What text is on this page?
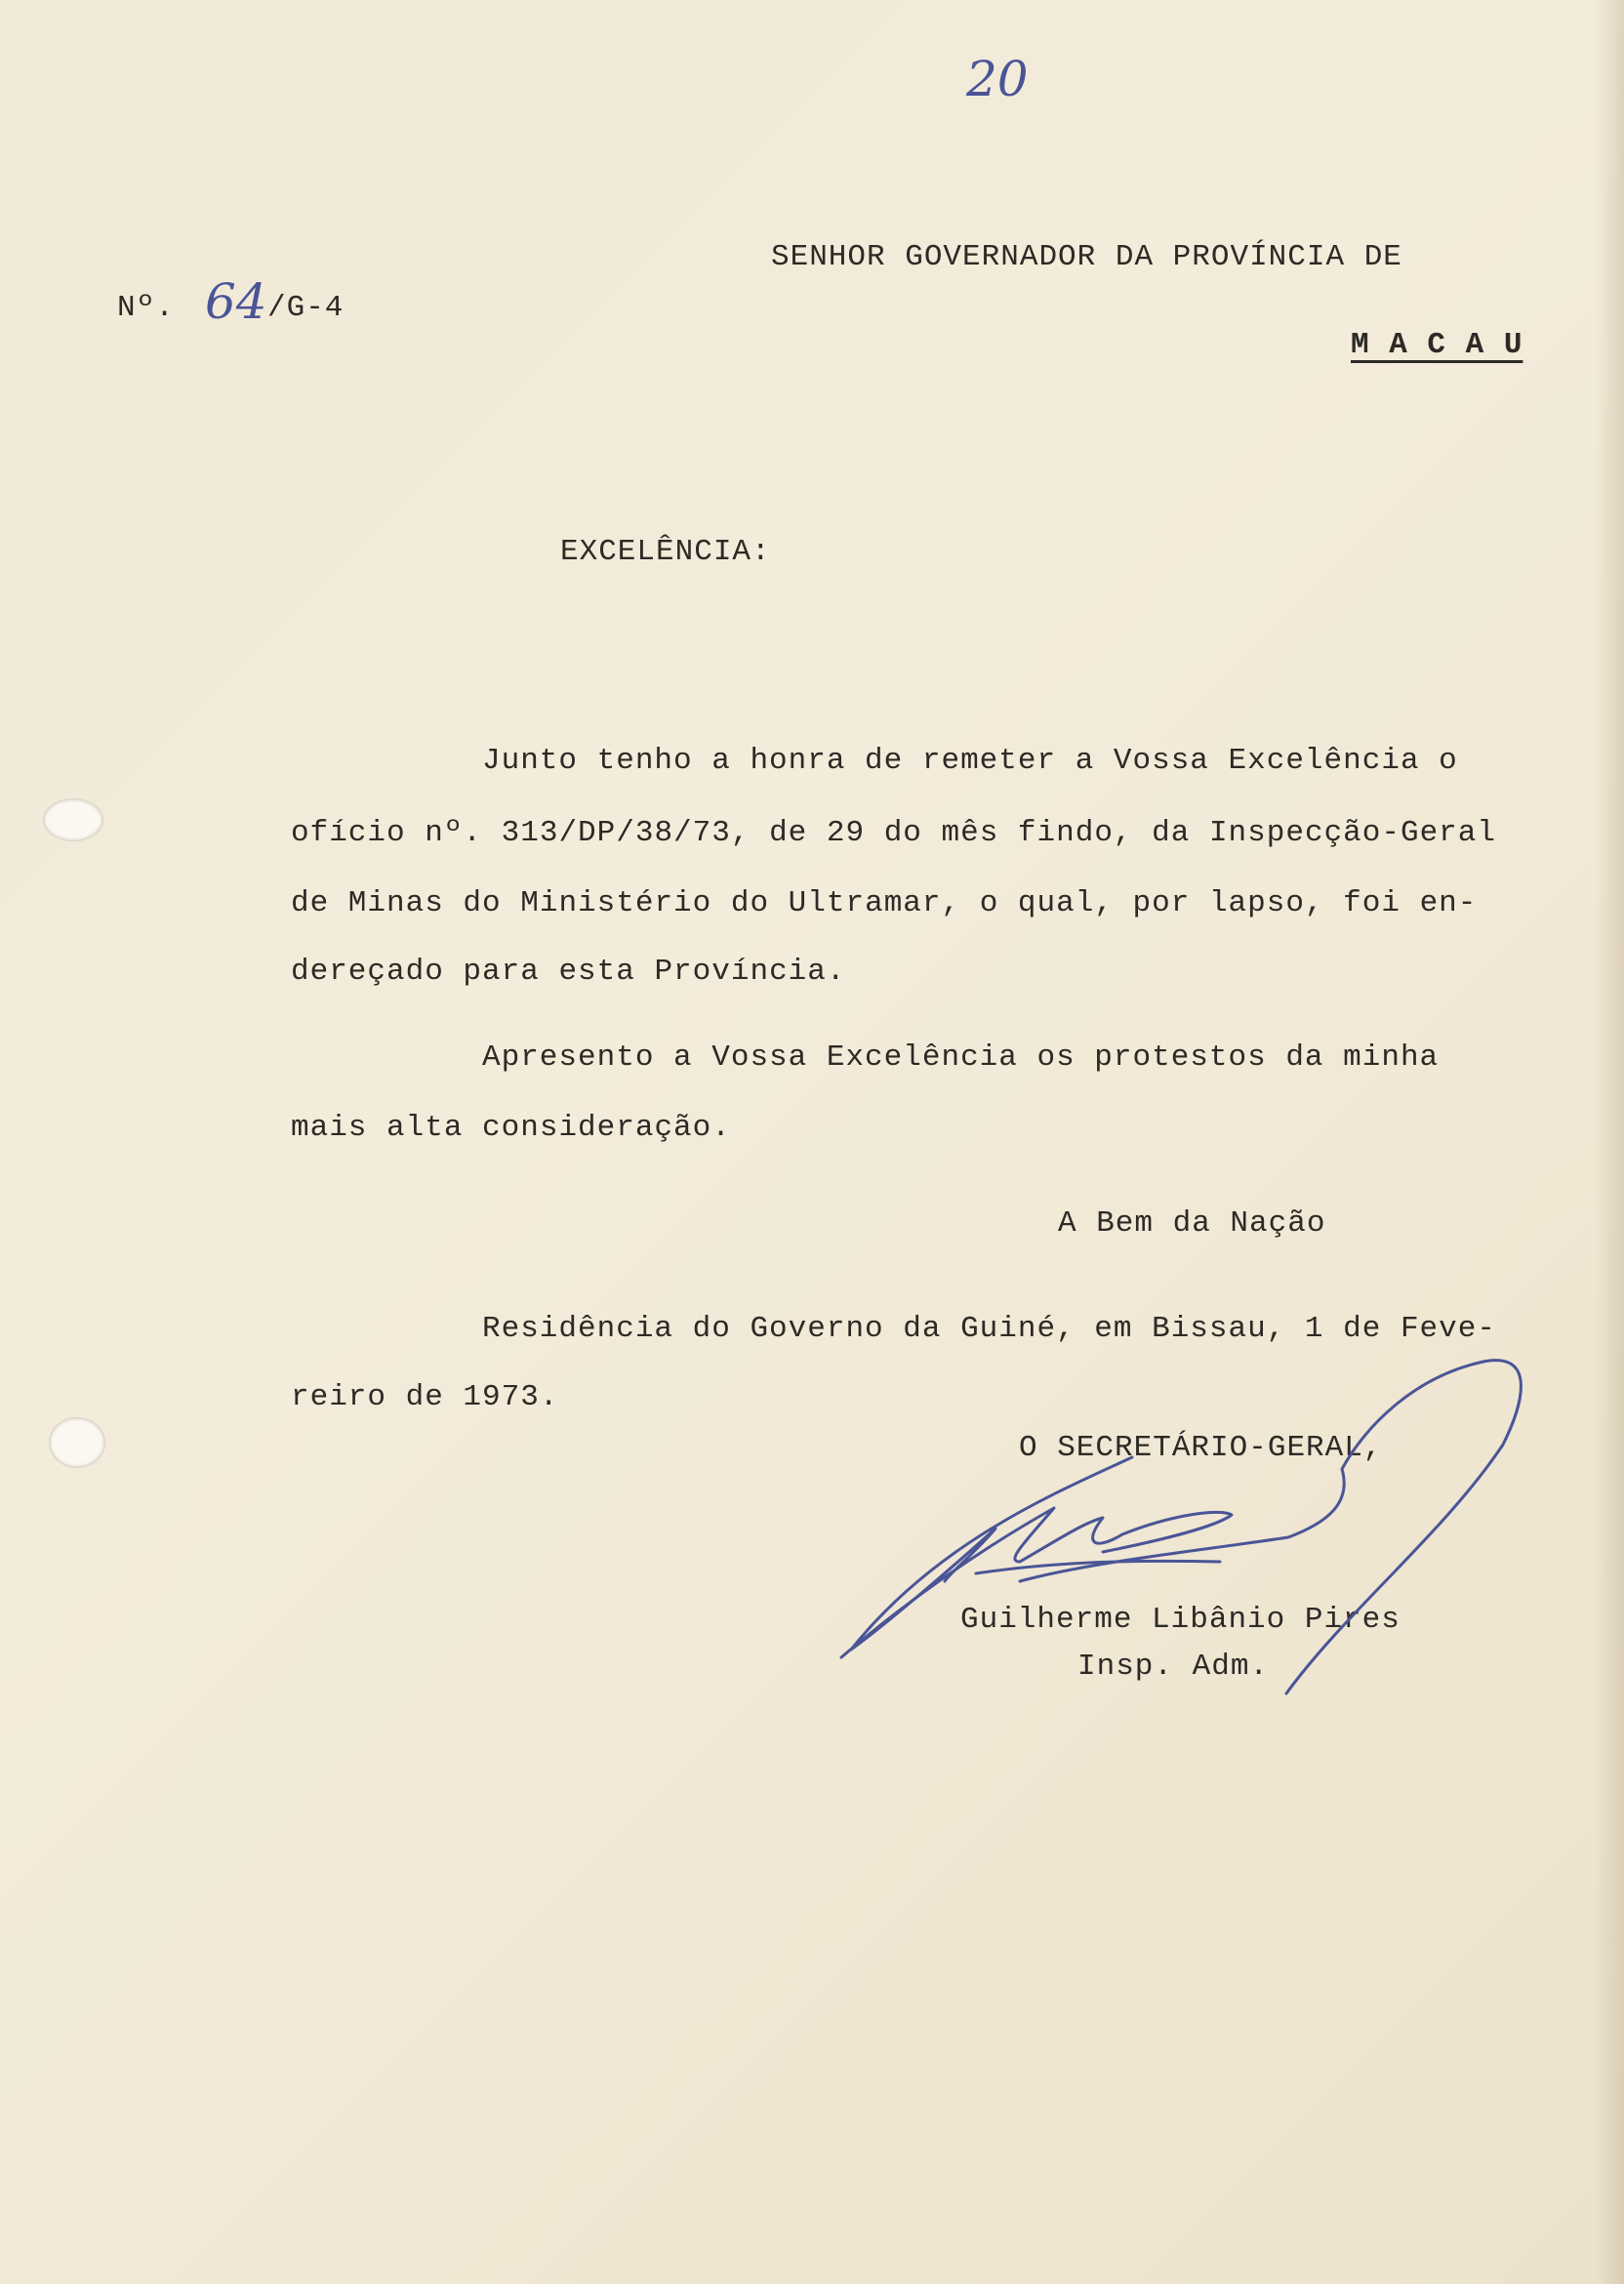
20
SENHOR GOVERNADOR DA PROVÍNCIA DE
Nº. 64 /G-4
M A C A U
EXCELÊNCIA:
Junto tenho a honra de remeter a Vossa Excelência o
ofício nº. 313/DP/38/73, de 29 do mês findo, da Inspecção-Geral
de Minas do Ministério do Ultramar, o qual, por lapso, foi en-
dereçado para esta Província.
Apresento a Vossa Excelência os protestos da minha
mais alta consideração.
A Bem da Nação
Residência do Governo da Guiné, em Bissau, 1 de Feve-
reiro de 1973.
O SECRETÁRIO-GERAL,
Guilherme Libânio Pires
Insp. Adm.
